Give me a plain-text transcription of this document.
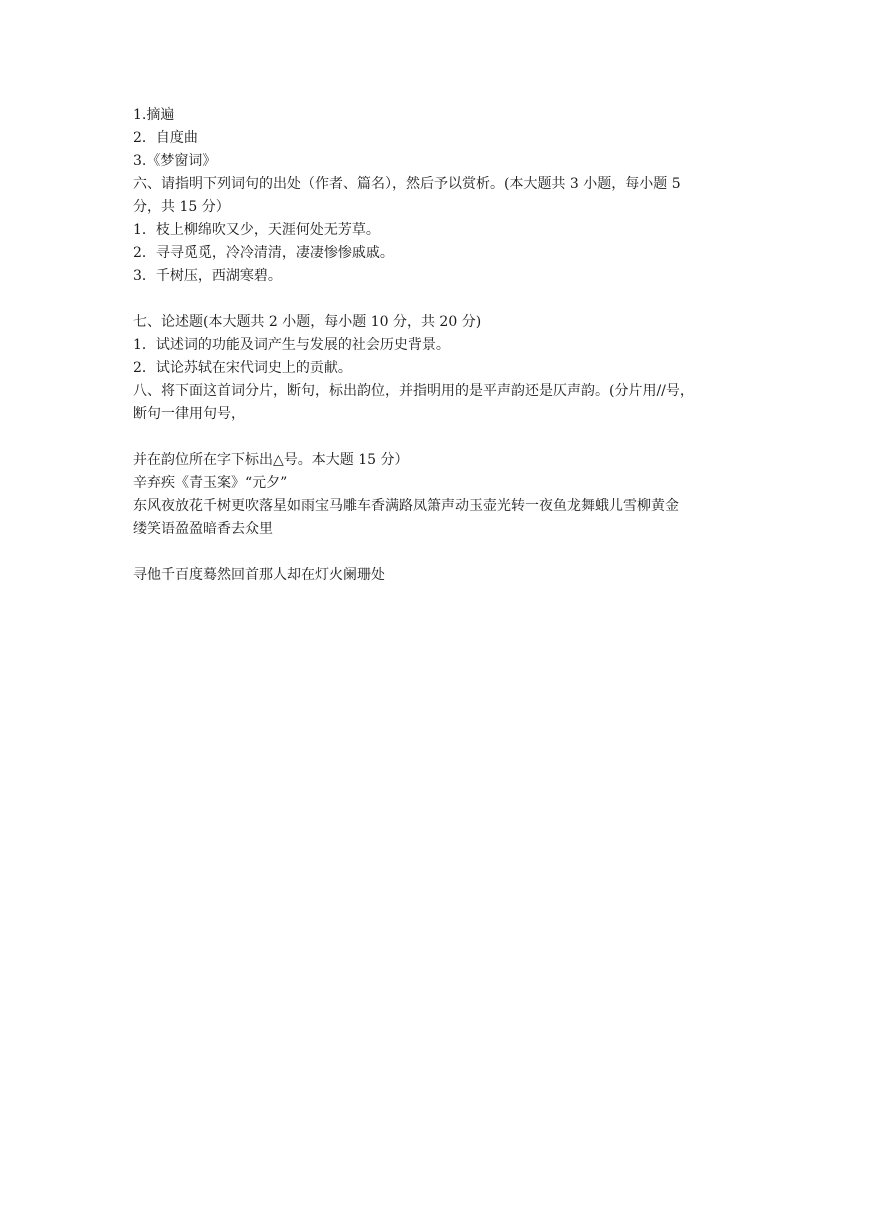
1.摘遍
2．自度曲
3.《梦窗词》
六、请指明下列词句的出处（作者、篇名），然后予以赏析。(本大题共 3 小题，每小题 5
分，共 15 分）
1．枝上柳绵吹又少，天涯何处无芳草。
2．寻寻觅觅，冷冷清清，凄凄惨惨戚戚。
3．千树压，西湖寒碧。
七、论述题(本大题共 2 小题，每小题 10 分，共 20 分)
1．试述词的功能及词产生与发展的社会历史背景。
2．试论苏轼在宋代词史上的贡献。
八、将下面这首词分片，断句，标出韵位，并指明用的是平声韵还是仄声韵。(分片用//号，
断句一律用句号，
并在韵位所在字下标出△号。本大题 15 分）
辛弃疾《青玉案》“元夕”
东风夜放花千树更吹落星如雨宝马雕车香满路凤箫声动玉壶光转一夜鱼龙舞蛾儿雪柳黄金
缕笑语盈盈暗香去众里
寻他千百度蓦然回首那人却在灯火阑珊处
